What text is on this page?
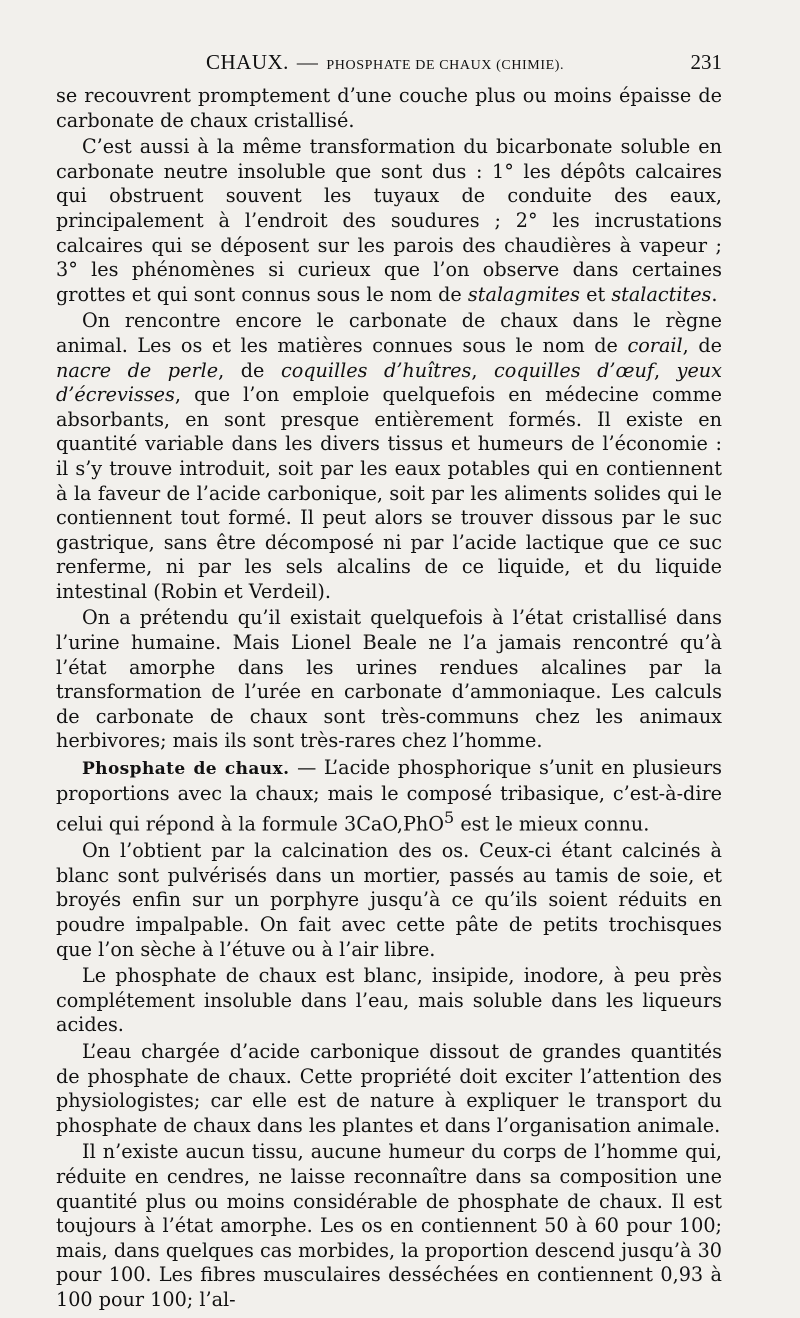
CHAUX. — PHOSPHATE DE CHAUX (CHIMIE).	231

se recouvrent promptement d’une couche plus ou moins épaisse de carbonate de chaux cristallisé.

C’est aussi à la même transformation du bicarbonate soluble en carbonate neutre insoluble que sont dus : 1° les dépôts calcaires qui obstruent souvent les tuyaux de conduite des eaux, principalement à l’endroit des soudures ; 2° les incrustations calcaires qui se déposent sur les parois des chaudières à vapeur ; 3° les phénomènes si curieux que l’on observe dans certaines grottes et qui sont connus sous le nom de stalagmites et stalactites.

On rencontre encore le carbonate de chaux dans le règne animal. Les os et les matières connues sous le nom de corail, de nacre de perle, de coquilles d’huîtres, coquilles d’œuf, yeux d’écrevisses, que l’on emploie quelquefois en médecine comme absorbants, en sont presque entièrement formés. Il existe en quantité variable dans les divers tissus et humeurs de l’économie : il s’y trouve introduit, soit par les eaux potables qui en contiennent à la faveur de l’acide carbonique, soit par les aliments solides qui le contiennent tout formé. Il peut alors se trouver dissous par le suc gastrique, sans être décomposé ni par l’acide lactique que ce suc renferme, ni par les sels alcalins de ce liquide, et du liquide intestinal (Robin et Verdeil).

On a prétendu qu’il existait quelquefois à l’état cristallisé dans l’urine humaine. Mais Lionel Beale ne l’a jamais rencontré qu’à l’état amorphe dans les urines rendues alcalines par la transformation de l’urée en carbonate d’ammoniaque. Les calculs de carbonate de chaux sont très-communs chez les animaux herbivores; mais ils sont très-rares chez l’homme.

Phosphate de chaux. — L’acide phosphorique s’unit en plusieurs proportions avec la chaux; mais le composé tribasique, c’est-à-dire celui qui répond à la formule 3CaO,PhO$^5$ est le mieux connu.

On l’obtient par la calcination des os. Ceux-ci étant calcinés à blanc sont pulvérisés dans un mortier, passés au tamis de soie, et broyés enfin sur un porphyre jusqu’à ce qu’ils soient réduits en poudre impalpable. On fait avec cette pâte de petits trochisques que l’on sèche à l’étuve ou à l’air libre.

Le phosphate de chaux est blanc, insipide, inodore, à peu près complétement insoluble dans l’eau, mais soluble dans les liqueurs acides.

L’eau chargée d’acide carbonique dissout de grandes quantités de phosphate de chaux. Cette propriété doit exciter l’attention des physiologistes; car elle est de nature à expliquer le transport du phosphate de chaux dans les plantes et dans l’organisation animale.

Il n’existe aucun tissu, aucune humeur du corps de l’homme qui, réduite en cendres, ne laisse reconnaître dans sa composition une quantité plus ou moins considérable de phosphate de chaux. Il est toujours à l’état amorphe. Les os en contiennent 50 à 60 pour 100; mais, dans quelques cas morbides, la proportion descend jusqu’à 30 pour 100. Les fibres musculaires desséchées en contiennent 0,93 à 100 pour 100; l’al-
